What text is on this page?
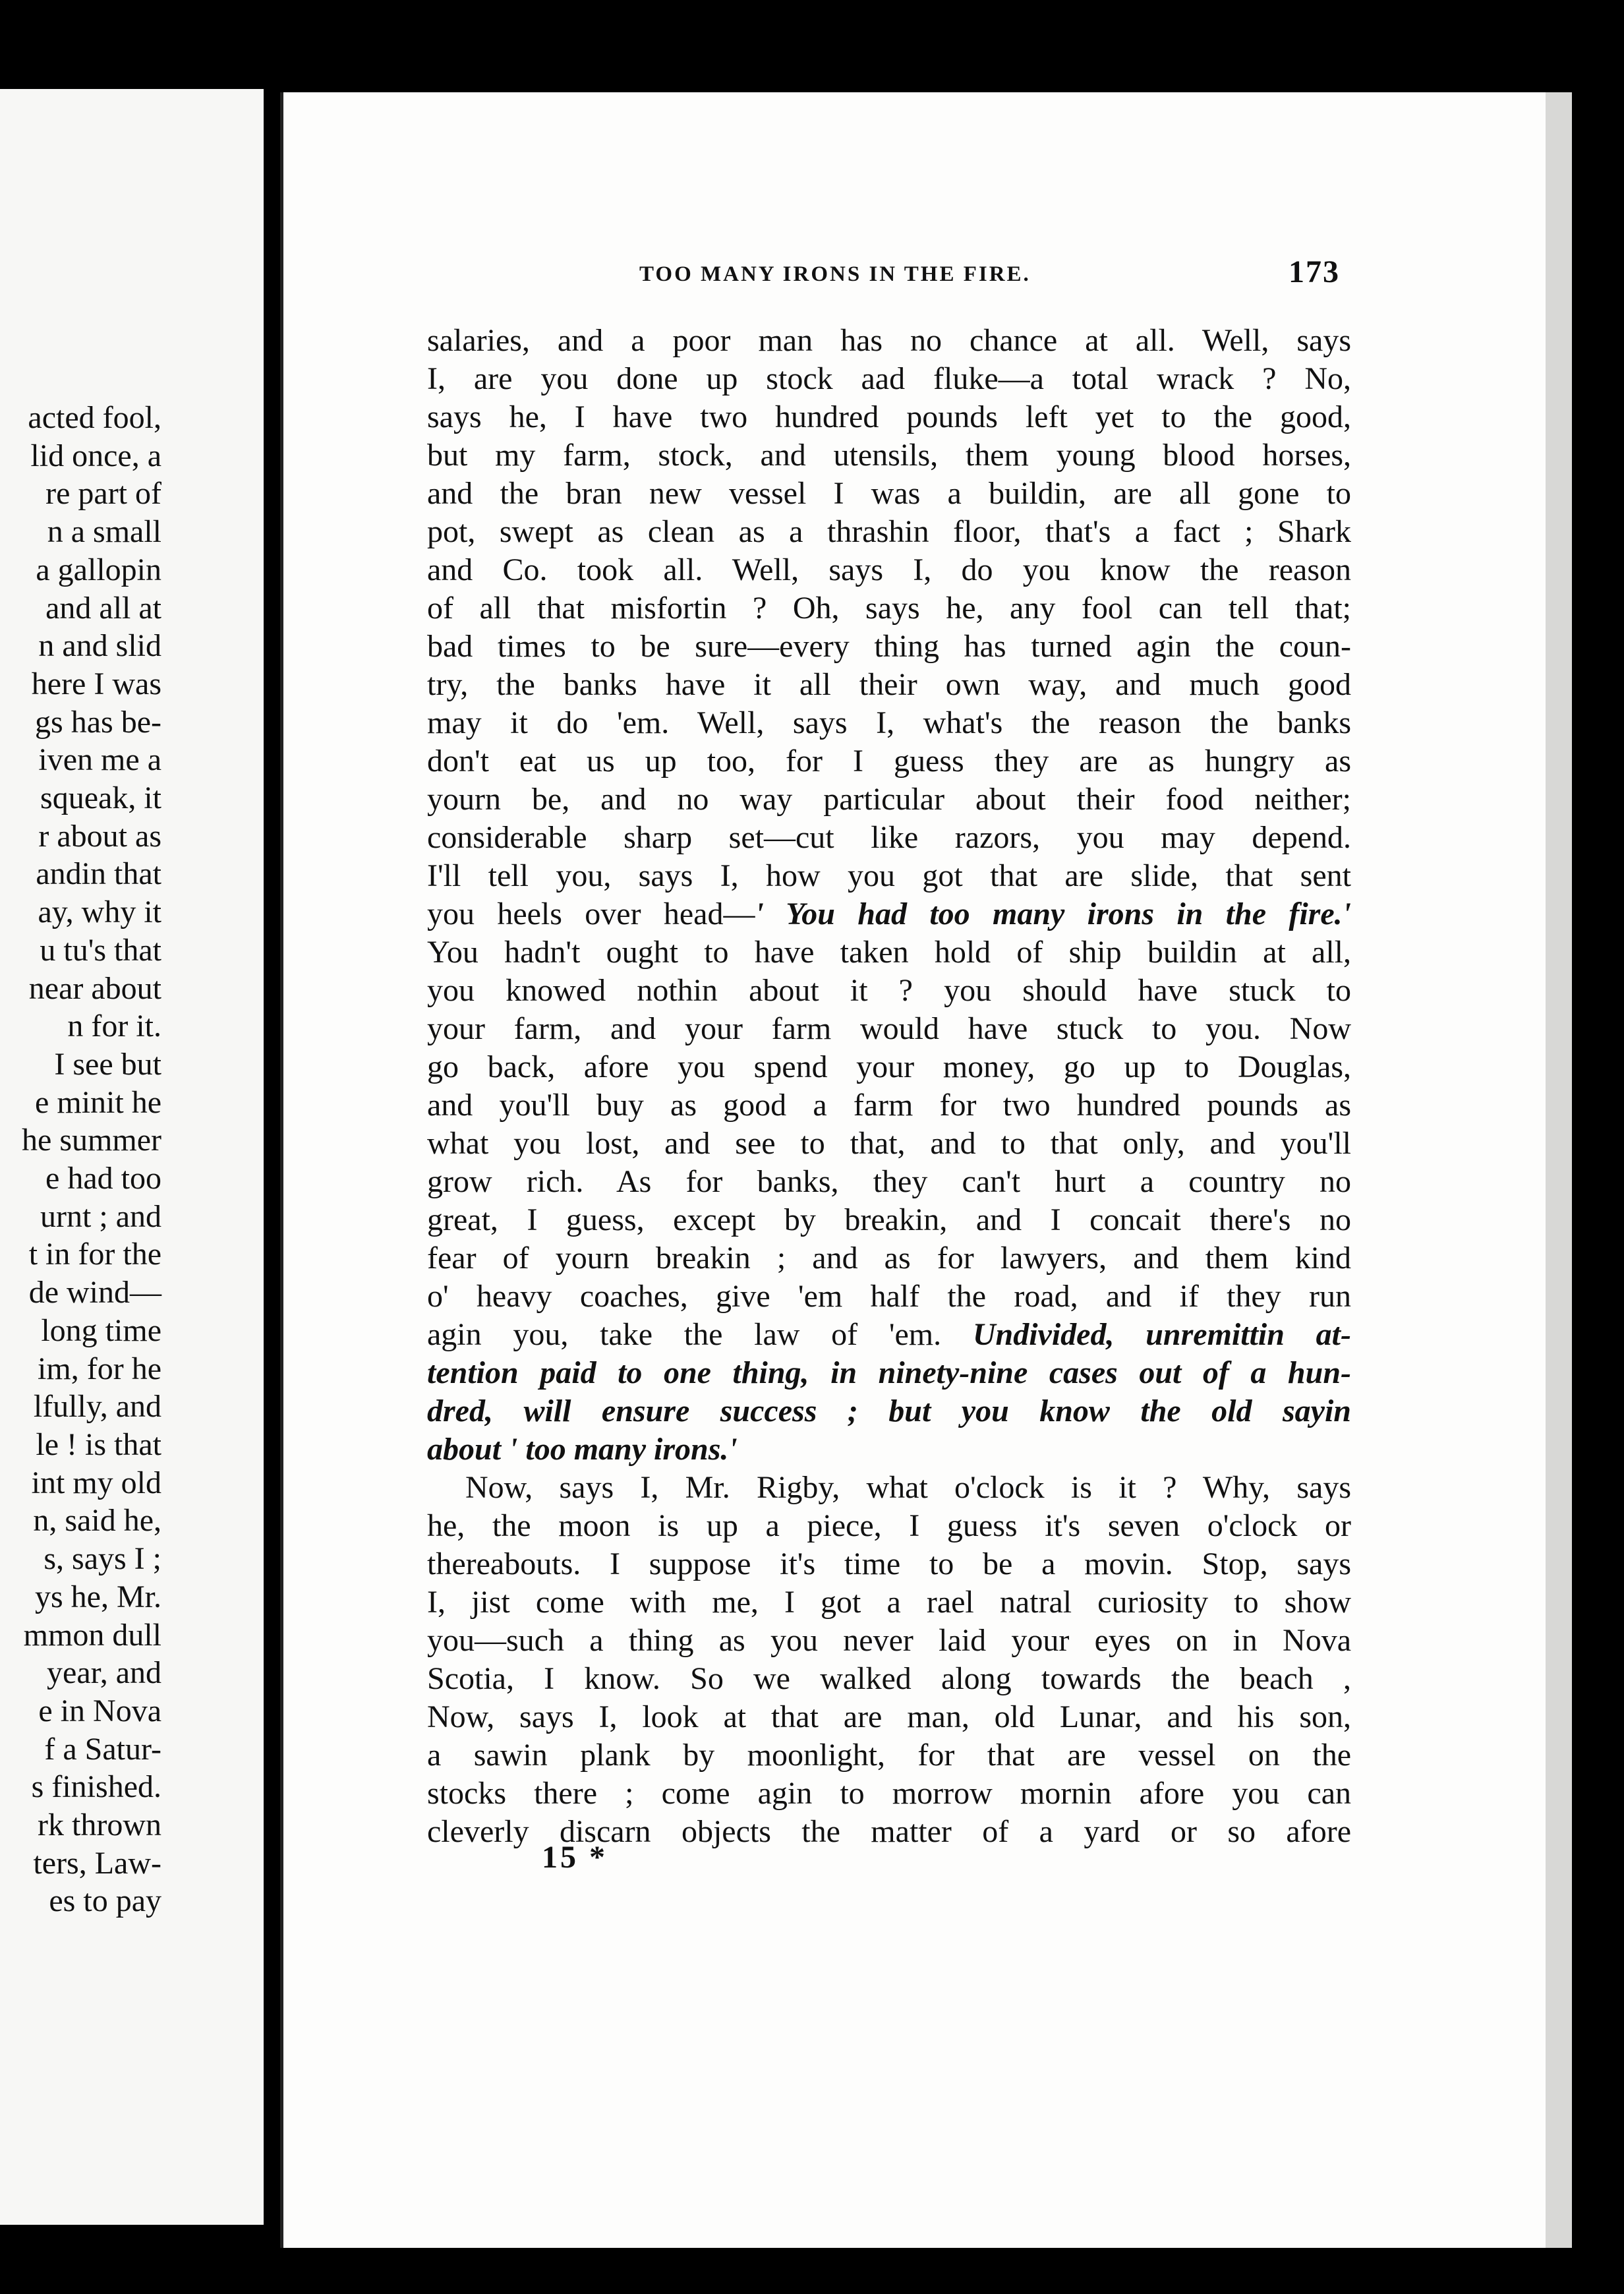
acted fool,
lid once, a
re part of
n a small
a gallopin
and all at
n and slid
here I was
gs has be-
iven me a
squeak, it
r about as
andin that
ay, why it
u tu's that
near about
n for it.
I see but
e minit he
he summer
e had too
urnt ; and
t in for the
de wind—
long time
im, for he
lfully, and
le ! is that
int my old
n, said he,
s, says I ;
ys he, Mr.
mmon dull
year, and
e in Nova
f a Satur-
s finished.
rk thrown
ters, Law-
es to pay
TOO MANY IRONS IN THE FIRE.	173
salaries, and a poor man has no chance at all. Well, says
I, are you done up stock aad fluke—a total wrack ? No,
says he, I have two hundred pounds left yet to the good,
but my farm, stock, and utensils, them young blood horses,
and the bran new vessel I was a buildin, are all gone to
pot, swept as clean as a thrashin floor, that's a fact ; Shark
and Co. took all. Well, says I, do you know the reason
of all that misfortin ? Oh, says he, any fool can tell that;
bad times to be sure—every thing has turned agin the coun-
try, the banks have it all their own way, and much good
may it do 'em. Well, says I, what's the reason the banks
don't eat us up too, for I guess they are as hungry as
yourn be, and no way particular about their food neither;
considerable sharp set—cut like razors, you may depend.
I'll tell you, says I, how you got that are slide, that sent
you heels over head—' You had too many irons in the fire.'
You hadn't ought to have taken hold of ship buildin at all,
you knowed nothin about it ? you should have stuck to
your farm, and your farm would have stuck to you. Now
go back, afore you spend your money, go up to Douglas,
and you'll buy as good a farm for two hundred pounds as
what you lost, and see to that, and to that only, and you'll
grow rich. As for banks, they can't hurt a country no
great, I guess, except by breakin, and I concait there's no
fear of yourn breakin ; and as for lawyers, and them kind
o' heavy coaches, give 'em half the road, and if they run
agin you, take the law of 'em. Undivided, unremittin at-
tention paid to one thing, in ninety-nine cases out of a hun-
dred, will ensure success ; but you know the old sayin
about ' too many irons.'
Now, says I, Mr. Rigby, what o'clock is it ? Why, says
he, the moon is up a piece, I guess it's seven o'clock or
thereabouts. I suppose it's time to be a movin. Stop, says
I, jist come with me, I got a rael natral curiosity to show
you—such a thing as you never laid your eyes on in Nova
Scotia, I know. So we walked along towards the beach ,
Now, says I, look at that are man, old Lunar, and his son,
a sawin plank by moonlight, for that are vessel on the
stocks there ; come agin to morrow mornin afore you can
cleverly discarn objects the matter of a yard or so afore
15 *
